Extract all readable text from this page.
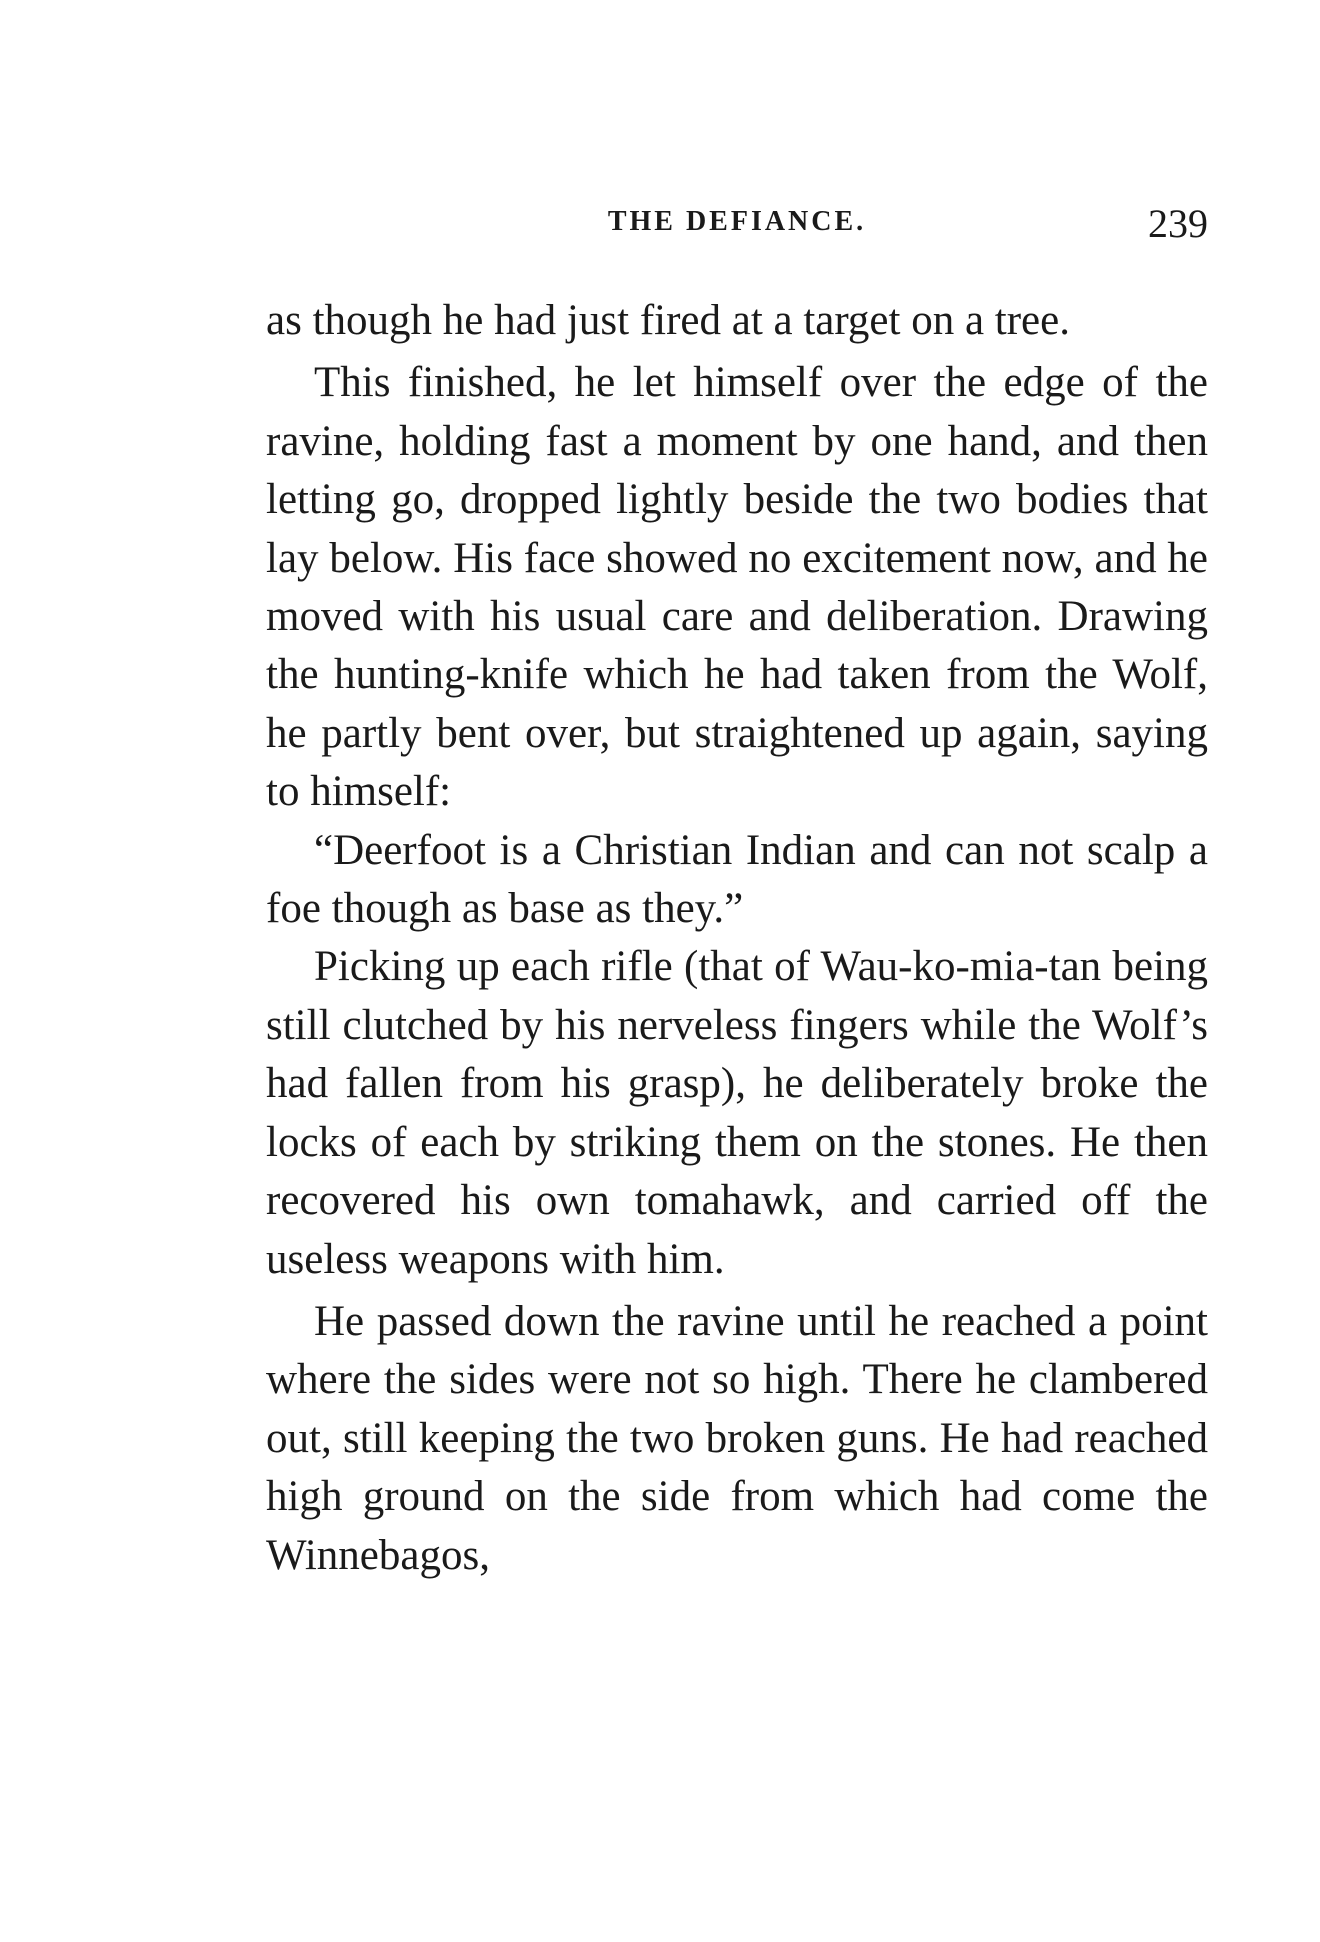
THE DEFIANCE.	239

as though he had just fired at a target on a tree.

This finished, he let himself over the edge of the ravine, holding fast a moment by one hand, and then letting go, dropped lightly beside the two bodies that lay below. His face showed no excitement now, and he moved with his usual care and deliberation. Drawing the hunting-knife which he had taken from the Wolf, he partly bent over, but straightened up again, saying to himself:

“Deerfoot is a Christian Indian and can not scalp a foe though as base as they.”

Picking up each rifle (that of Wau-ko-mia-tan being still clutched by his nerveless fingers while the Wolf’s had fallen from his grasp), he deliberately broke the locks of each by striking them on the stones. He then recovered his own tomahawk, and carried off the useless weapons with him.

He passed down the ravine until he reached a point where the sides were not so high. There he clambered out, still keeping the two broken guns. He had reached high ground on the side from which had come the Winnebagos,
